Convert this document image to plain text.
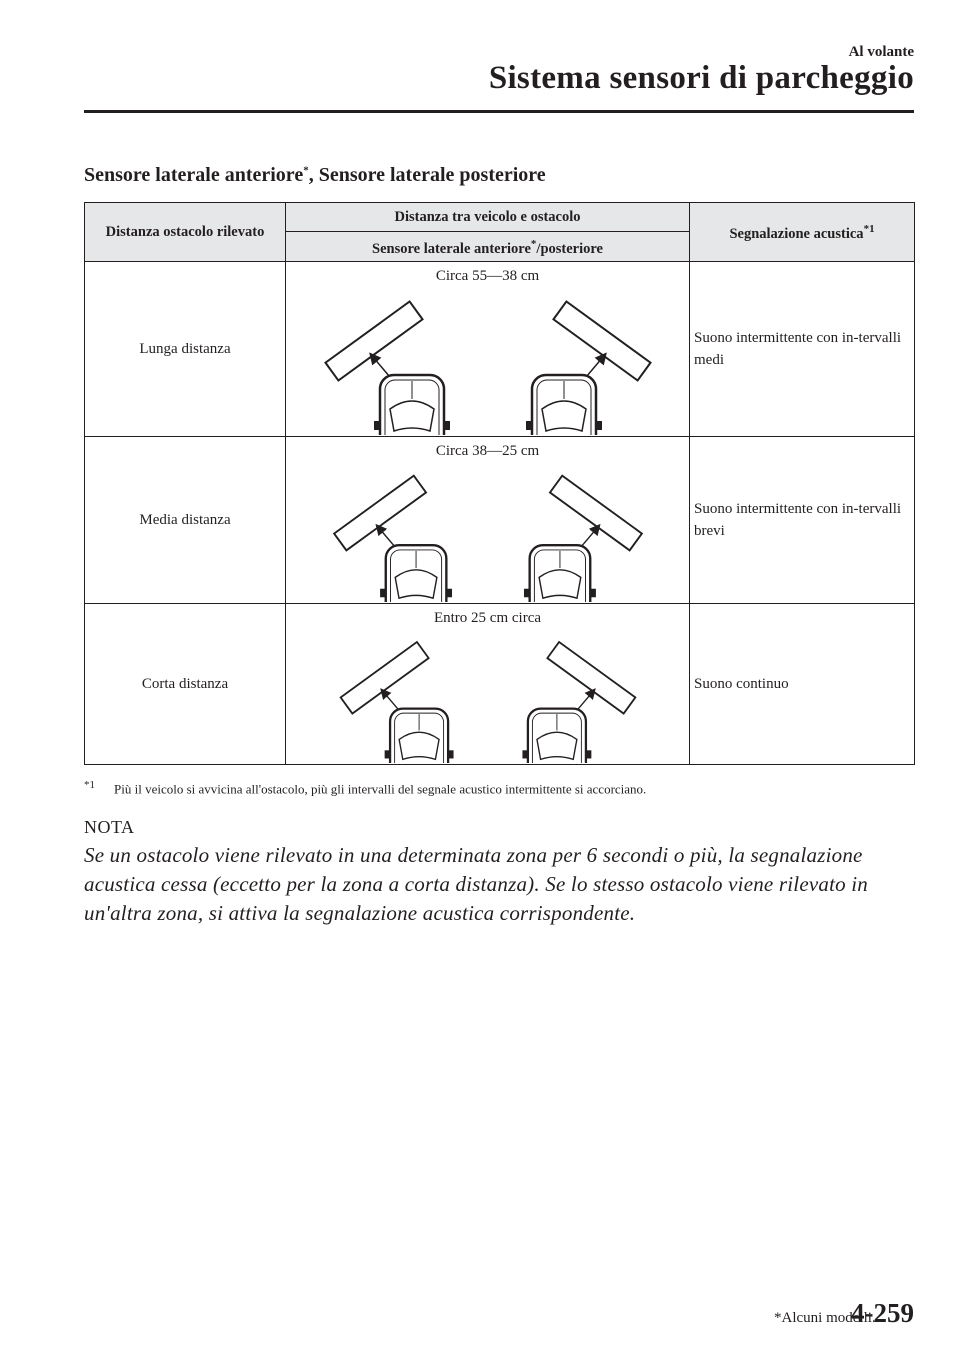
Al volante
Sistema sensori di parcheggio
Sensore laterale anteriore*, Sensore laterale posteriore
Distanza ostacolo rilevato	Distanza tra veicolo e ostacolo	Segnalazione acustica$^{*1}$
	Sensore laterale anteriore*/posteriore	
Lunga distanza	Circa 55―38 cm	Suono intermittente con in-tervalli medi
Media distanza	Circa 38―25 cm	Suono intermittente con in-tervalli brevi
Corta distanza	Entro 25 cm circa	Suono continuo
$^{*1}$ Più il veicolo si avvicina all'ostacolo, più gli intervalli del segnale acustico intermittente si accorciano.
NOTA
Se un ostacolo viene rilevato in una determinata zona per 6 secondi o più, la segnalazione acustica cessa (eccetto per la zona a corta distanza). Se lo stesso ostacolo viene rilevato in un'altra zona, si attiva la segnalazione acustica corrispondente.
*Alcuni modelli.
4-259
